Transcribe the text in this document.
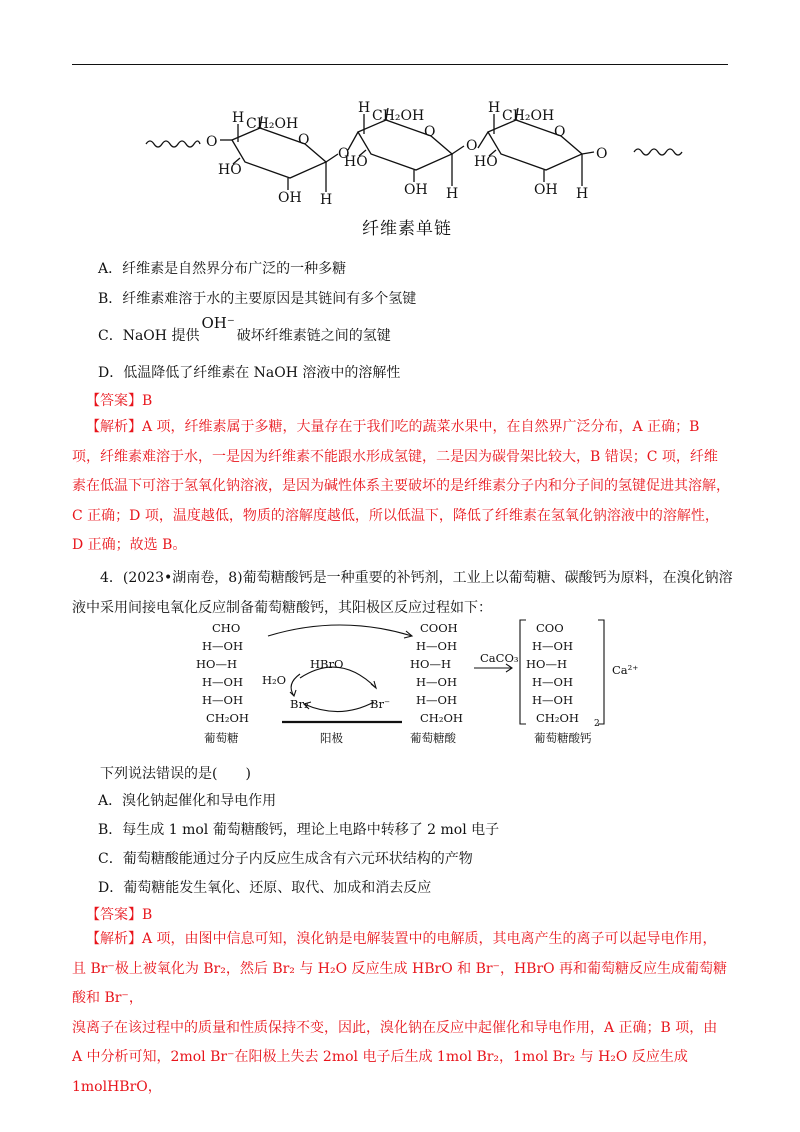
O
H CH₂OH
O
HO
OH H
O
H CH₂OH
O
HO
OH H
O
H CH₂OH
O
HO
OH H
O
纤维素单链
A．纤维素是自然界分布广泛的一种多糖
B．纤维素难溶于水的主要原因是其链间有多个氢键
C．NaOH 提供OH⁻破坏纤维素链之间的氢键
D．低温降低了纤维素在 NaOH 溶液中的溶解性
【答案】B
【解析】A 项，纤维素属于多糖，大量存在于我们吃的蔬菜水果中，在自然界广泛分布，A 正确；B
项，纤维素难溶于水，一是因为纤维素不能跟水形成氢键，二是因为碳骨架比较大，B 错误；C 项，纤维
素在低温下可溶于氢氧化钠溶液，是因为碱性体系主要破坏的是纤维素分子内和分子间的氢键促进其溶解，
C 正确；D 项，温度越低，物质的溶解度越低，所以低温下，降低了纤维素在氢氧化钠溶液中的溶解性，
D 正确；故选 B。
4．(2023•湖南卷，8)葡萄糖酸钙是一种重要的补钙剂，工业上以葡萄糖、碳酸钙为原料，在溴化钠溶
液中采用间接电氧化反应制备葡萄糖酸钙，其阳极区反应过程如下：
CHO
H—OH
HO—H
H—OH
H—OH
CH₂OH
葡萄糖
HBrO
H₂O
Br₂	Br⁻
阳极
COOH
H—OH
HO—H
H—OH
H—OH
CH₂OH
葡萄糖酸
CaCO₃
COO
H—OH
HO—H
H—OH
H—OH
CH₂OH
Ca²⁺
2
葡萄糖酸钙
下列说法错误的是(　　)
A．溴化钠起催化和导电作用
B．每生成 1 mol 葡萄糖酸钙，理论上电路中转移了 2 mol 电子
C．葡萄糖酸能通过分子内反应生成含有六元环状结构的产物
D．葡萄糖能发生氧化、还原、取代、加成和消去反应
【答案】B
【解析】A 项，由图中信息可知，溴化钠是电解装置中的电解质，其电离产生的离子可以起导电作用，
且 Br⁻极上被氧化为 Br₂，然后 Br₂ 与 H₂O 反应生成 HBrO 和 Br⁻，HBrO 再和葡萄糖反应生成葡萄糖酸和 Br⁻，
溴离子在该过程中的质量和性质保持不变，因此，溴化钠在反应中起催化和导电作用，A 正确；B 项，由
A 中分析可知，2mol Br⁻在阳极上失去 2mol 电子后生成 1mol Br₂，1mol Br₂ 与 H₂O 反应生成 1molHBrO，
